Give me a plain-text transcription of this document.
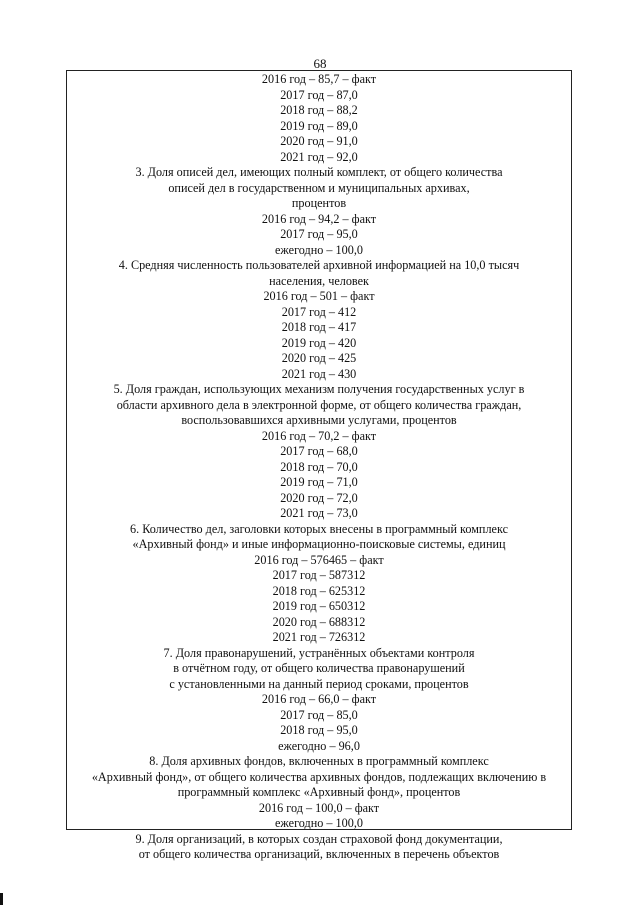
68
2016 год – 85,7 – факт
2017 год – 87,0
2018 год – 88,2
2019 год – 89,0
2020 год – 91,0
2021 год – 92,0
3. Доля описей дел, имеющих полный комплект, от общего количества
описей дел в государственном и муниципальных архивах,
процентов
2016 год – 94,2 – факт
2017 год – 95,0
ежегодно – 100,0
4. Средняя численность пользователей архивной информацией на 10,0 тысяч
населения, человек
2016 год – 501 – факт
2017 год – 412
2018 год – 417
2019 год – 420
2020 год – 425
2021 год – 430
5. Доля граждан, использующих механизм получения государственных услуг в
области архивного дела в электронной форме, от общего количества граждан,
воспользовавшихся архивными услугами, процентов
2016 год – 70,2 – факт
2017 год – 68,0
2018 год – 70,0
2019 год – 71,0
2020 год – 72,0
2021 год – 73,0
6. Количество дел, заголовки которых внесены в программный комплекс
«Архивный фонд» и иные информационно-поисковые системы, единиц
2016 год – 576465 – факт
2017 год – 587312
2018 год – 625312
2019 год – 650312
2020 год – 688312
2021 год – 726312
7. Доля правонарушений, устранённых объектами контроля
в отчётном году, от общего количества правонарушений
с установленными на данный период сроками, процентов
2016 год – 66,0 – факт
2017 год – 85,0
2018 год – 95,0
ежегодно – 96,0
8. Доля архивных фондов, включенных в программный комплекс
«Архивный фонд», от общего количества архивных фондов, подлежащих включению в
программный комплекс «Архивный фонд», процентов
2016 год – 100,0 – факт
ежегодно – 100,0
9. Доля организаций, в которых создан страховой фонд документации,
от общего количества организаций, включенных в перечень объектов
